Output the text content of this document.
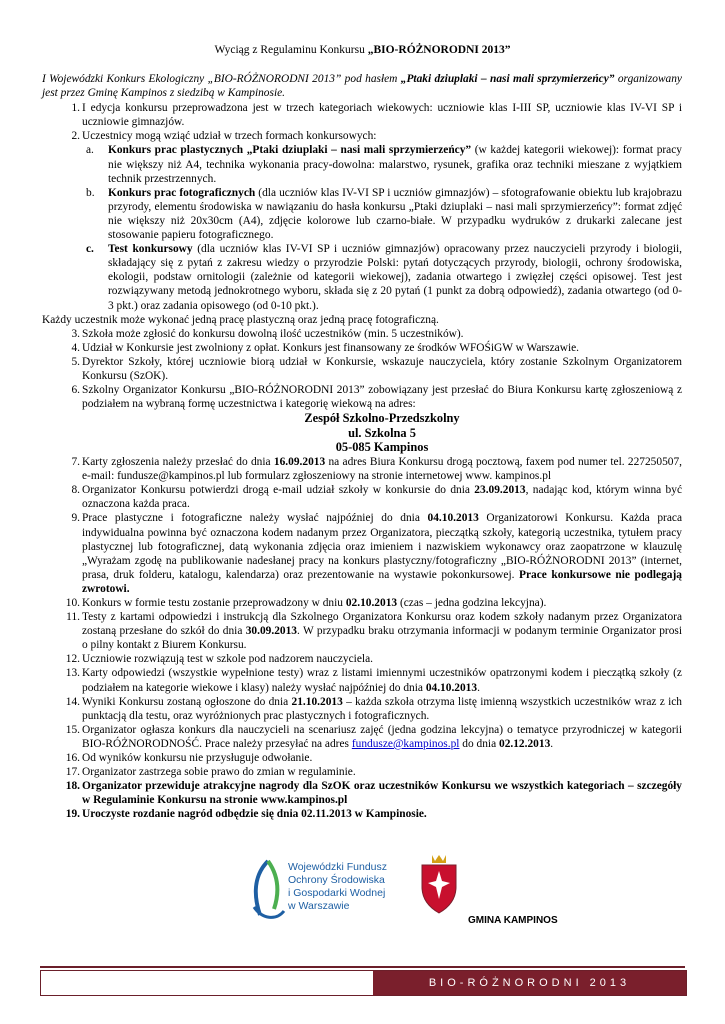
Wyciąg z Regulaminu Konkursu „BIO-RÓŻNORODNI 2013”

I Wojewódzki Konkurs Ekologiczny „BIO-RÓŻNORODNI 2013” pod hasłem „Ptaki dziuplaki – nasi mali sprzymierzeńcy” organizowany jest przez Gminę Kampinos z siedzibą w Kampinosie.

1. I edycja konkursu przeprowadzona jest w trzech kategoriach wiekowych: uczniowie klas I-III SP, uczniowie klas IV-VI SP i uczniowie gimnazjów.
2. Uczestnicy mogą wziąć udział w trzech formach konkursowych:
a. Konkurs prac plastycznych „Ptaki dziuplaki – nasi mali sprzymierzeńcy” (w każdej kategorii wiekowej): format pracy nie większy niż A4, technika wykonania pracy-dowolna: malarstwo, rysunek, grafika oraz techniki mieszane z wyjątkiem technik przestrzennych.
b. Konkurs prac fotograficznych (dla uczniów klas IV-VI SP i uczniów gimnazjów) – sfotografowanie obiektu lub krajobrazu przyrody, elementu środowiska w nawiązaniu do hasła konkursu „Ptaki dziuplaki – nasi mali sprzymierzeńcy”: format zdjęć nie większy niż 20x30cm (A4), zdjęcie kolorowe lub czarno-białe. W przypadku wydruków z drukarki zalecane jest stosowanie papieru fotograficznego.
c. Test konkursowy (dla uczniów klas IV-VI SP i uczniów gimnazjów) opracowany przez nauczycieli przyrody i biologii, składający się z pytań z zakresu wiedzy o przyrodzie Polski: pytań dotyczących przyrody, biologii, ochrony środowiska, ekologii, podstaw ornitologii (zależnie od kategorii wiekowej), zadania otwartego i zwięzłej części opisowej. Test jest rozwiązywany metodą jednokrotnego wyboru, składa się z 20 pytań (1 punkt za dobrą odpowiedź), zadania otwartego (od 0-3 pkt.) oraz zadania opisowego (od 0-10 pkt.).
Każdy uczestnik może wykonać jedną pracę plastyczną oraz jedną pracę fotograficzną.
3. Szkoła może zgłosić do konkursu dowolną ilość uczestników (min. 5 uczestników).
4. Udział w Konkursie jest zwolniony z opłat. Konkurs jest finansowany ze środków WFOŚiGW w Warszawie.
5. Dyrektor Szkoły, której uczniowie biorą udział w Konkursie, wskazuje nauczyciela, który zostanie Szkolnym Organizatorem Konkursu (SzOK).
6. Szkolny Organizator Konkursu „BIO-RÓŻNORODNI 2013” zobowiązany jest przesłać do Biura Konkursu kartę zgłoszeniową z podziałem na wybraną formę uczestnictwa i kategorię wiekową na adres:
Zespół Szkolno-Przedszkolny
ul. Szkolna 5
05-085 Kampinos
7. Karty zgłoszenia należy przesłać do dnia 16.09.2013 na adres Biura Konkursu drogą pocztową, faxem pod numer tel. 227250507, e-mail: fundusze@kampinos.pl lub formularz zgłoszeniowy na stronie internetowej www. kampinos.pl
8. Organizator Konkursu potwierdzi drogą e-mail udział szkoły w konkursie do dnia 23.09.2013, nadając kod, którym winna być oznaczona każda praca.
9. Prace plastyczne i fotograficzne należy wysłać najpóźniej do dnia 04.10.2013 Organizatorowi Konkursu. Każda praca indywidualna powinna być oznaczona kodem nadanym przez Organizatora, pieczątką szkoły, kategorią uczestnika, tytułem pracy plastycznej lub fotograficznej, datą wykonania zdjęcia oraz imieniem i nazwiskiem wykonawcy oraz zaopatrzone w klauzulę „Wyrażam zgodę na publikowanie nadesłanej pracy na konkurs plastyczny/fotograficzny „BIO-RÓŻNORODNI 2013” (internet, prasa, druk folderu, katalogu, kalendarza) oraz prezentowanie na wystawie pokonkursowej. Prace konkursowe nie podlegają zwrotowi.
10. Konkurs w formie testu zostanie przeprowadzony w dniu 02.10.2013 (czas – jedna godzina lekcyjna).
11. Testy z kartami odpowiedzi i instrukcją dla Szkolnego Organizatora Konkursu oraz kodem szkoły nadanym przez Organizatora zostaną przesłane do szkół do dnia 30.09.2013. W przypadku braku otrzymania informacji w podanym terminie Organizator prosi o pilny kontakt z Biurem Konkursu.
12. Uczniowie rozwiązują test w szkole pod nadzorem nauczyciela.
13. Karty odpowiedzi (wszystkie wypełnione testy) wraz z listami imiennymi uczestników opatrzonymi kodem i pieczątką szkoły (z podziałem na kategorie wiekowe i klasy) należy wysłać najpóźniej do dnia 04.10.2013.
14. Wyniki Konkursu zostaną ogłoszone do dnia 21.10.2013 – każda szkoła otrzyma listę imienną wszystkich uczestników wraz z ich punktacją dla testu, oraz wyróżnionych prac plastycznych i fotograficznych.
15. Organizator ogłasza konkurs dla nauczycieli na scenariusz zajęć (jedna godzina lekcyjna) o tematyce przyrodniczej w kategorii BIO-RÓŻNORODNOŚĆ. Prace należy przesyłać na adres fundusze@kampinos.pl do dnia 02.12.2013.
16. Od wyników konkursu nie przysługuje odwołanie.
17. Organizator zastrzega sobie prawo do zmian w regulaminie.
18. Organizator przewiduje atrakcyjne nagrody dla SzOK oraz uczestników Konkursu we wszystkich kategoriach – szczegóły w Regulaminie Konkursu na stronie www.kampinos.pl
19. Uroczyste rozdanie nagród odbędzie się dnia 02.11.2013 w Kampinosie.
Wojewódzki Fundusz
Ochrony Środowiska
i Gospodarki Wodnej
w Warszawie
GMINA KAMPINOS
BIO-RÓŻNORODNI 2013
